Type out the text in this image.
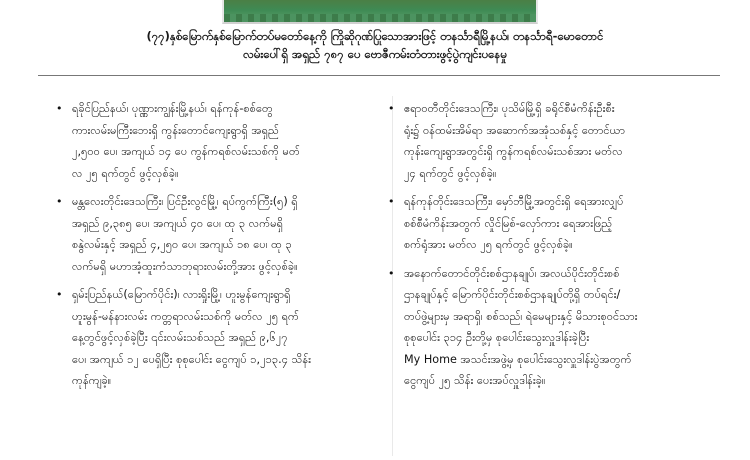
(၇၇)နှစ်မြောက်နှစ်မြောက်တပ်မတော်နေ့ကို ကြိုဆိုဂုဏ်ပြုသောအားဖြင့် တနင်္သာရီမြို့နယ်၊ တနင်္သာရီ-မောတောင်
လမ်းပေါ်ရှိ အရှည် ၇၈၇ ပေ ဗောဇီကမ်းတံတားဖွင့်ပွဲကျင်းပနေမှု
• ရခိုင်ပြည်နယ်၊ ပုဏ္ဏားကျွန်းမြို့နယ်၊ ရန်ကုန်-စစ်တွေ
ကားလမ်းမကြီးဘေးရှိ ကွန်းတောင်ကျေးရွာရှိ အရှည်
၂,၅၀၀ ပေ၊ အကျယ် ၁၄ ပေ ကွန်ကရစ်လမ်းသစ်ကို မတ်
လ ၂၅ ရက်တွင် ဖွင့်လှစ်ခဲ့။
• မန္တလေးတိုင်းဒေသကြီး၊ ပြင်ဦးလွင်မြို့၊ ရပ်ကွက်ကြီး(၅) ရှိ
အရှည် ၉,၃၈၅ ပေ၊ အကျယ် ၄၀ ပေ၊ ထု ၃ လက်မရှိ
စနွဲလမ်းနှင့် အရှည် ၄,၂၅၀ ပေ၊ အကျယ် ၁၈ ပေ၊ ထု ၃
လက်မရှိ မဟာအံ့ထူးကံသာဘုရားလမ်းတို့အား ဖွင့်လှစ်ခဲ့။
• ရှမ်းပြည်နယ်(မြောက်ပိုင်း)၊ လားရှိုးမြို့၊ ဟူးမွန်ကျေးရွာရှိ
ဟူးမွန်-မန်နားလမ်း ကတ္တရာလမ်းသစ်ကို မတ်လ ၂၅ ရက်
နေ့တွင်ဖွင့်လှစ်ခဲ့ပြီး ၎င်းလမ်းသစ်သည် အရှည် ၉,၆၂၇
ပေ၊ အကျယ် ၁၂ ပေရှိပြီး စုစုပေါင်း ငွေကျပ် ၁,၂၁၃.၄ သိန်း
ကုန်ကျခဲ့။
• ဧရာဝတီတိုင်းဒေသကြီး၊ ပုသိမ်မြို့ရှိ ခရိုင်စီမံကိန်းဦးစီး
ရုံး၌ ဝန်ထမ်းအိမ်ရာ အဆောက်အအုံသစ်နှင့် တောင်ယာ
ကုန်းကျေးရွာအတွင်းရှိ ကွန်ကရစ်လမ်းသစ်အား မတ်လ
၂၄ ရက်တွင် ဖွင့်လှစ်ခဲ့။
• ရန်ကုန်တိုင်းဒေသကြီး၊ မှော်ဘီမြို့အတွင်းရှိ ရေအားလျှပ်
စစ်စီမံကိန်းအတွက် လှိုင်မြစ်-လှော်ကား ရေအားဖြည့်
စက်ရုံအား မတ်လ ၂၅ ရက်တွင် ဖွင့်လှစ်ခဲ့။
• အနောက်တောင်တိုင်းစစ်ဌာနချုပ်၊ အလယ်ပိုင်းတိုင်းစစ်
ဌာနချုပ်နှင့် မြောက်ပိုင်းတိုင်းစစ်ဌာနချုပ်တို့ရှိ တပ်ရင်း/
တပ်ဖွဲ့များမှ အရာရှိ၊ စစ်သည်၊ ရဲမေများနှင့် မိသားစုဝင်သား
စုစုပေါင်း ၃၁၄ ဦးတို့မှ စုပေါင်းသွေးလှူဒါန်းခဲ့ပြီး
My Home အသင်းအဖွဲ့မှ စုပေါင်းသွေးလှူဒါန်းပွဲအတွက်
ငွေကျပ် ၂၅ သိန်း ပေးအပ်လှူဒါန်းခဲ့။
